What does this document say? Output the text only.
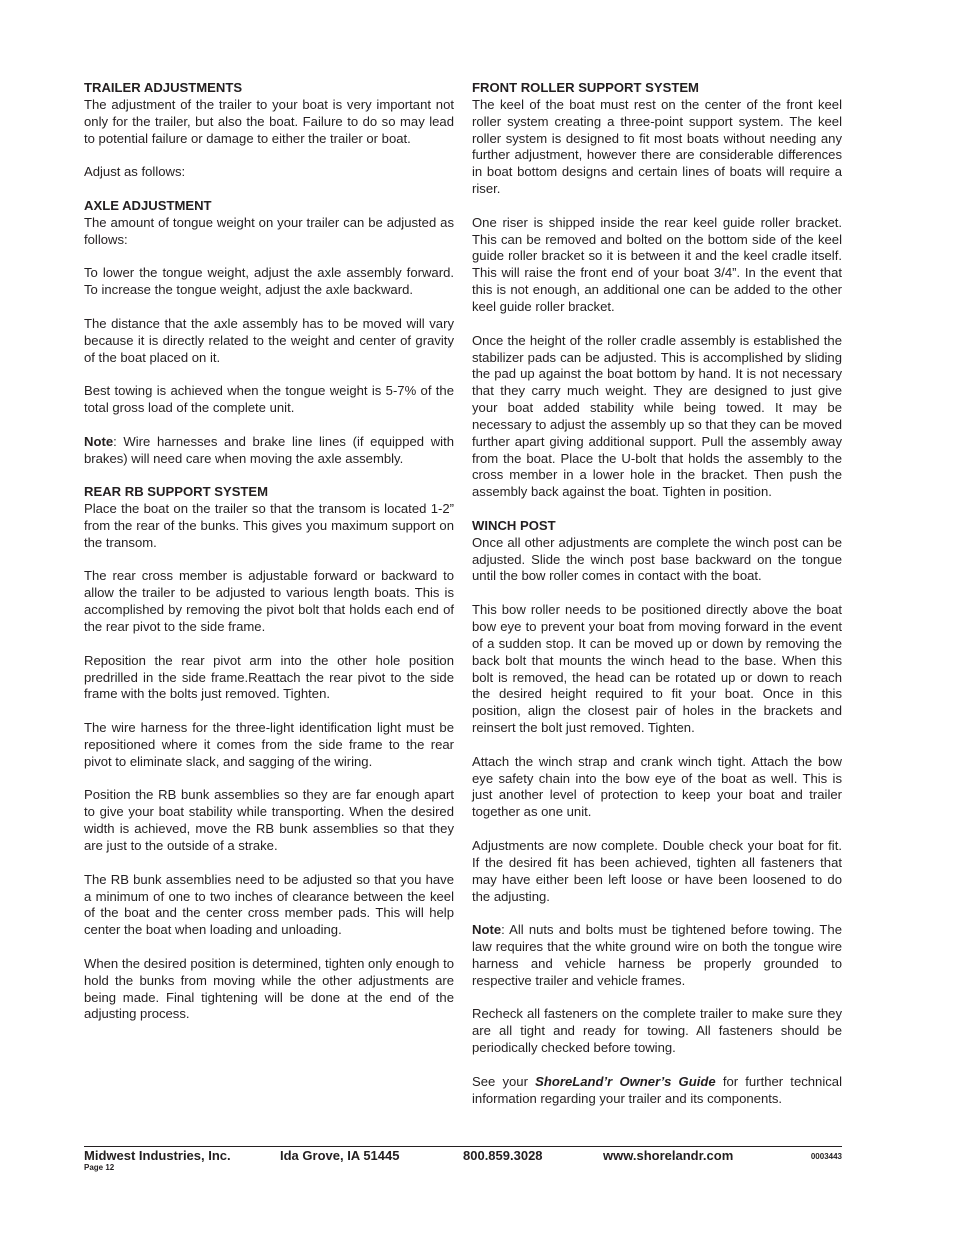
TRAILER ADJUSTMENTS

The adjustment of the trailer to your boat is very important not only for the trailer, but also the boat. Failure to do so may lead to potential failure or damage to either the trailer or boat.

Adjust as follows:

AXLE ADJUSTMENT

The amount of tongue weight on your trailer can be adjusted as follows:

To lower the tongue weight, adjust the axle assembly forward. To increase the tongue weight, adjust the axle backward.

The distance that the axle assembly has to be moved will vary because it is directly related to the weight and center of gravity of the boat placed on it.

Best towing is achieved when the tongue weight is 5-7% of the total gross load of the complete unit.

Note: Wire harnesses and brake line lines (if equipped with brakes) will need care when moving the axle assembly.

REAR RB SUPPORT SYSTEM

Place the boat on the trailer so that the transom is located 1-2” from the rear of the bunks. This gives you maximum support on the transom.

The rear cross member is adjustable forward or backward to allow the trailer to be adjusted to various length boats. This is accomplished by removing the pivot bolt that holds each end of the rear pivot to the side frame.

Reposition the rear pivot arm into the other hole position predrilled in the side frame.Reattach the rear pivot to the side frame with the bolts just removed. Tighten.

The wire harness for the three-light identification light must be repositioned where it comes from the side frame to the rear pivot to eliminate slack, and sagging of the wiring.

Position the RB bunk assemblies so they are far enough apart to give your boat stability while transporting. When the desired width is achieved, move the RB bunk assemblies so that they are just to the outside of a strake.

The RB bunk assemblies need to be adjusted so that you have a minimum of one to two inches of clearance between the keel of the boat and the center cross member pads. This will help center the boat when loading and unloading.

When the desired position is determined, tighten only enough to hold the bunks from moving while the other adjustments are being made. Final tightening will be done at the end of the adjusting process.

FRONT ROLLER SUPPORT SYSTEM

The keel of the boat must rest on the center of the front keel roller system creating a three-point support system. The keel roller system is designed to fit most boats without needing any further adjustment, however there are considerable differences in boat bottom designs and certain lines of boats will require a riser.

One riser is shipped inside the rear keel guide roller bracket. This can be removed and bolted on the bottom side of the keel guide roller bracket so it is between it and the keel cradle itself. This will raise the front end of your boat 3/4”. In the event that this is not enough, an additional one can be added to the other keel guide roller bracket.

Once the height of the roller cradle assembly is established the stabilizer pads can be adjusted. This is accomplished by sliding the pad up against the boat bottom by hand. It is not necessary that they carry much weight. They are designed to just give your boat added stability while being towed. It may be necessary to adjust the assembly up so that they can be moved further apart giving additional support. Pull the assembly away from the boat. Place the U-bolt that holds the assembly to the cross member in a lower hole in the bracket. Then push the assembly back against the boat. Tighten in position.

WINCH POST

Once all other adjustments are complete the winch post can be adjusted. Slide the winch post base backward on the tongue until the bow roller comes in contact with the boat.

This bow roller needs to be positioned directly above the boat bow eye to prevent your boat from moving forward in the event of a sudden stop. It can be moved up or down by removing the back bolt that mounts the winch head to the base. When this bolt is removed, the head can be rotated up or down to reach the desired height required to fit your boat. Once in this position, align the closest pair of holes in the brackets and reinsert the bolt just removed. Tighten.

Attach the winch strap and crank winch tight. Attach the bow eye safety chain into the bow eye of the boat as well. This is just another level of protection to keep your boat and trailer together as one unit.

Adjustments are now complete. Double check your boat for fit. If the desired fit has been achieved, tighten all fasteners that may have either been left loose or have been loosened to do the adjusting.

Note: All nuts and bolts must be tightened before towing. The law requires that the white ground wire on both the tongue wire harness and vehicle harness be properly grounded to respective trailer and vehicle frames.

Recheck all fasteners on the complete trailer to make sure they are all tight and ready for towing. All fasteners should be periodically checked before towing.

See your ShoreLand’r Owner’s Guide for further technical information regarding your trailer and its components.

Midwest Industries, Inc.	Ida Grove, IA 51445	800.859.3028	www.shorelandr.com	0003443
Page 12
